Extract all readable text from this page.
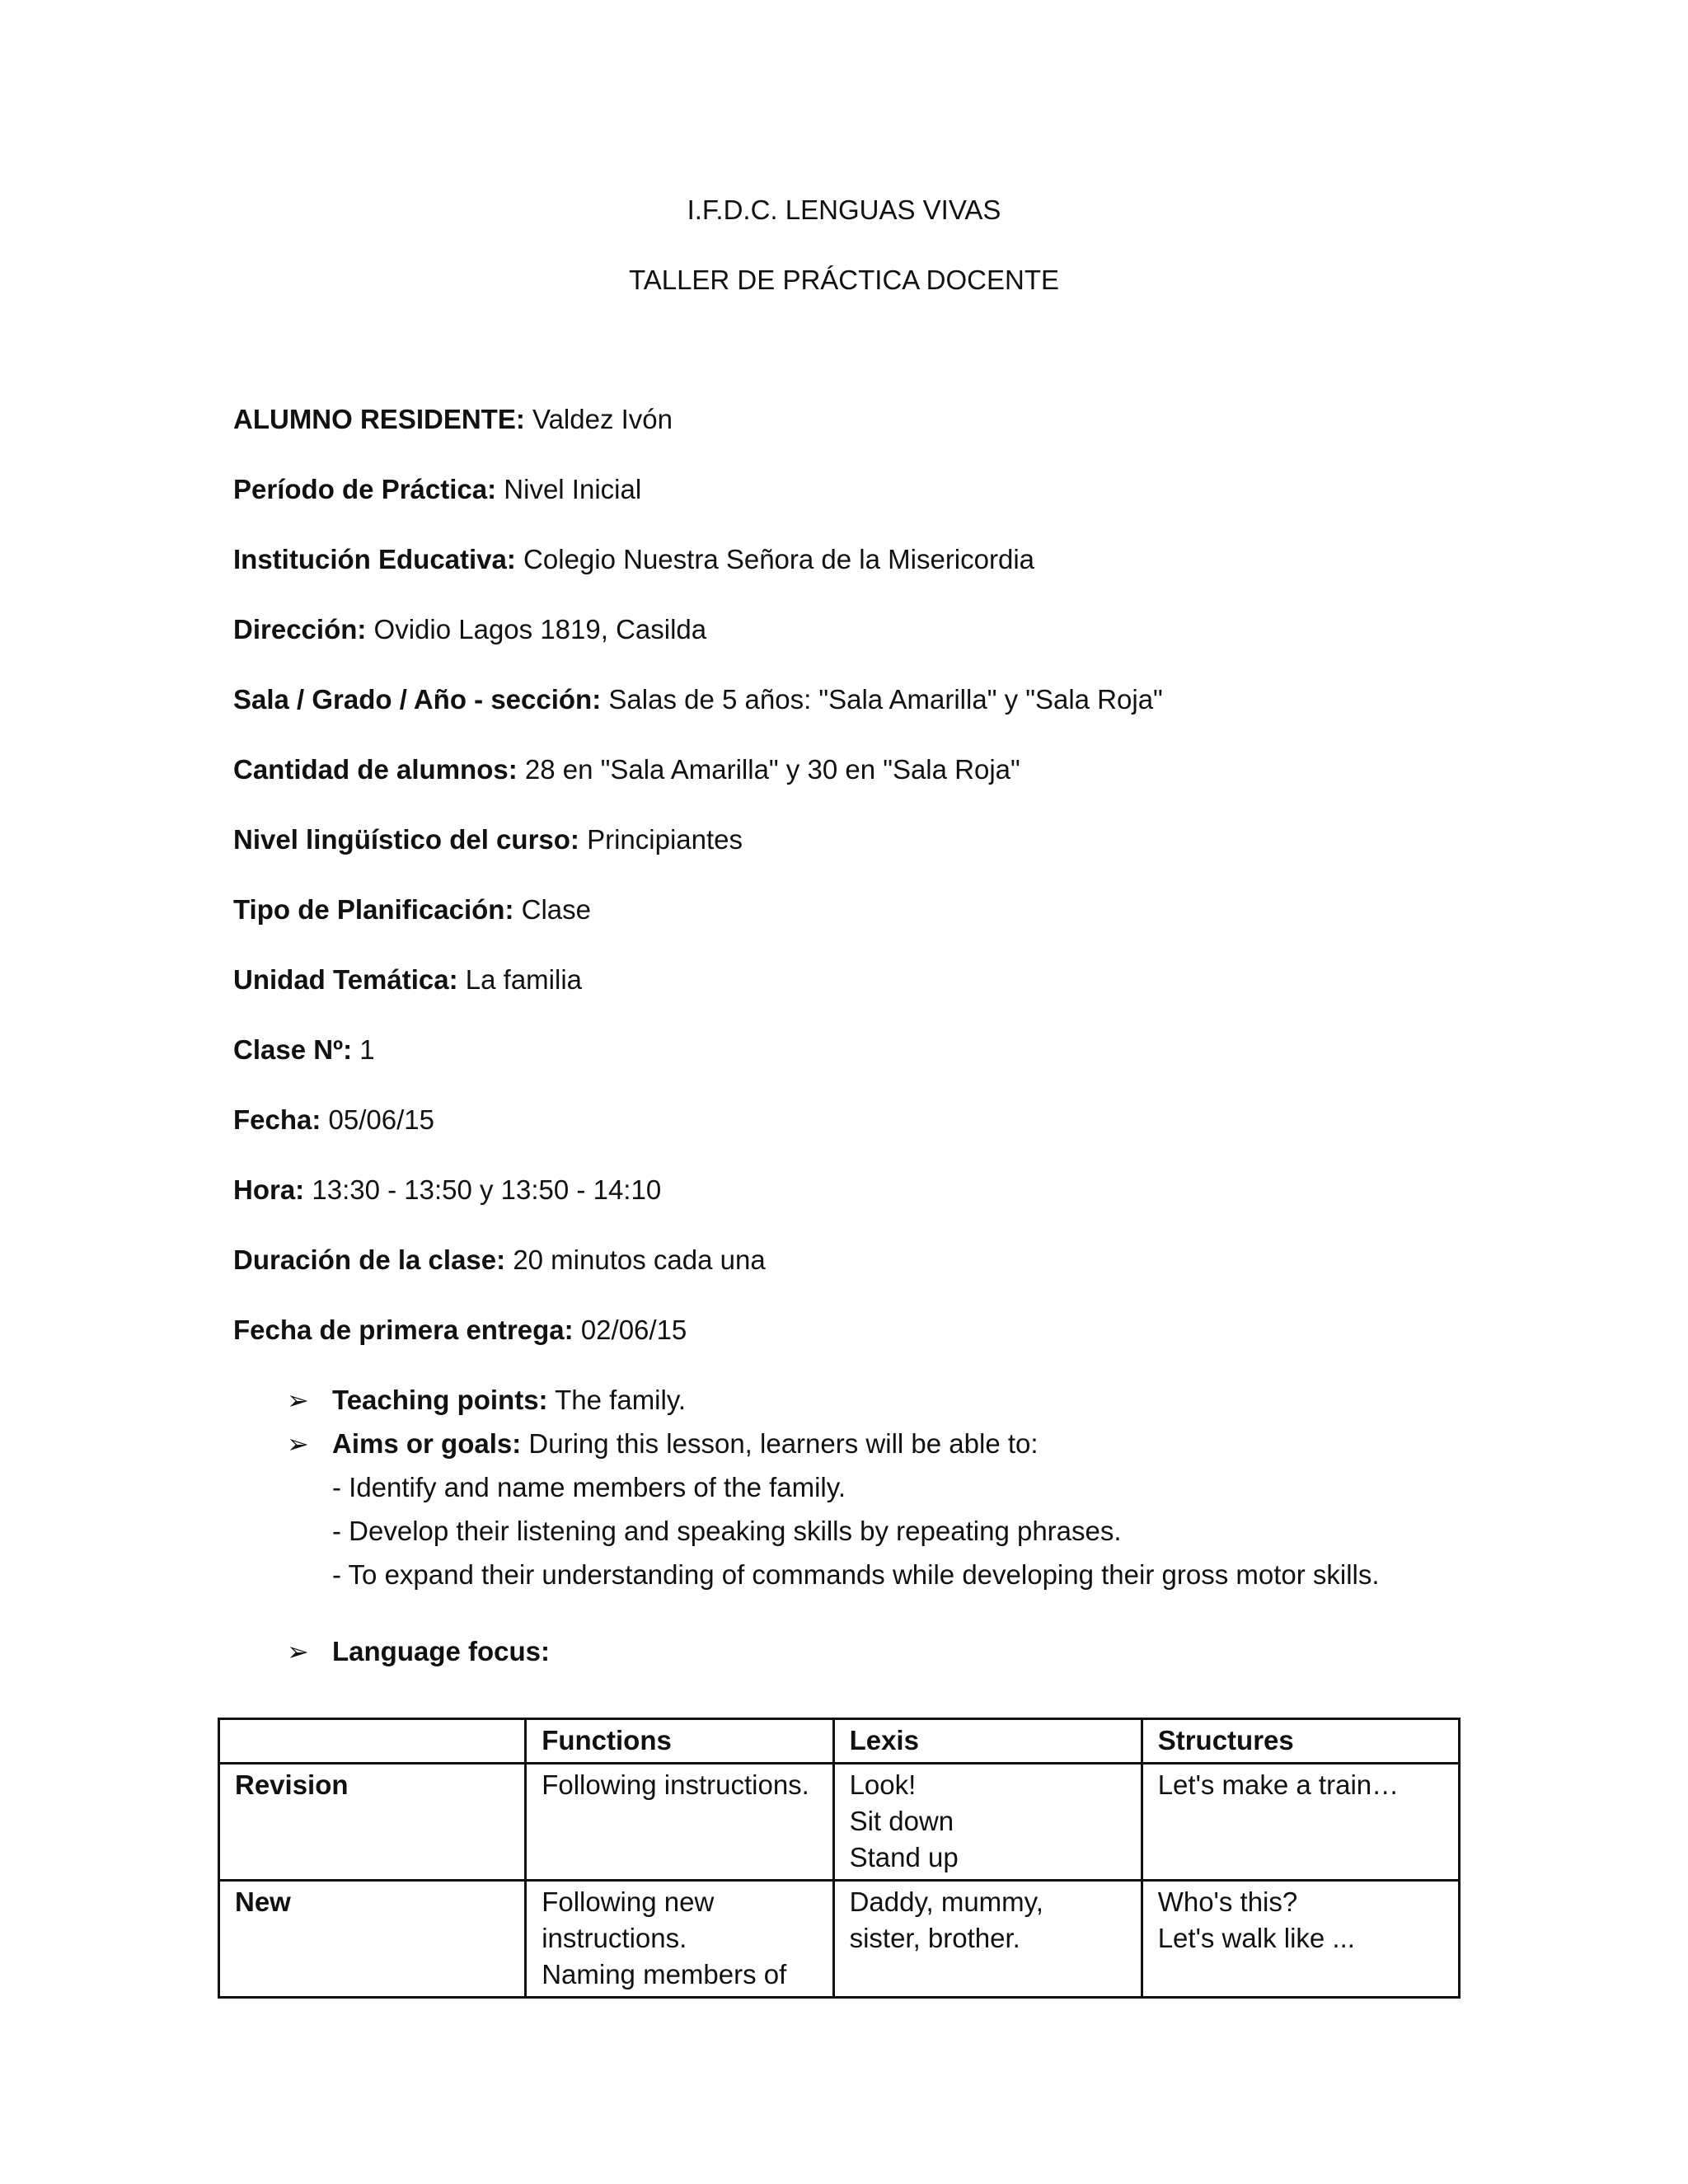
I.F.D.C. LENGUAS VIVAS
TALLER DE PRÁCTICA DOCENTE
ALUMNO RESIDENTE: Valdez Ivón
Período de Práctica: Nivel Inicial
Institución Educativa: Colegio Nuestra Señora de la Misericordia
Dirección: Ovidio Lagos 1819, Casilda
Sala / Grado / Año - sección: Salas de 5 años: "Sala Amarilla" y "Sala Roja"
Cantidad de alumnos: 28 en "Sala Amarilla" y 30 en "Sala Roja"
Nivel lingüístico del curso: Principiantes
Tipo de Planificación: Clase
Unidad Temática: La familia
Clase Nº: 1
Fecha: 05/06/15
Hora: 13:30 - 13:50 y 13:50 - 14:10
Duración de la clase: 20 minutos cada una
Fecha de primera entrega: 02/06/15
➢ Teaching points: The family.
➢ Aims or goals: During this lesson, learners will be able to:
- Identify and name members of the family.
- Develop their listening and speaking skills by repeating phrases.
- To expand their understanding of commands while developing their gross motor skills.
➢ Language focus:
	Functions	Lexis	Structures
Revision	Following instructions.	Look!
Sit down
Stand up	Let's make a train…

New	Following new
instructions.
Naming members of	Daddy, mummy,
sister, brother.	Who's this?
Let's walk like ...
